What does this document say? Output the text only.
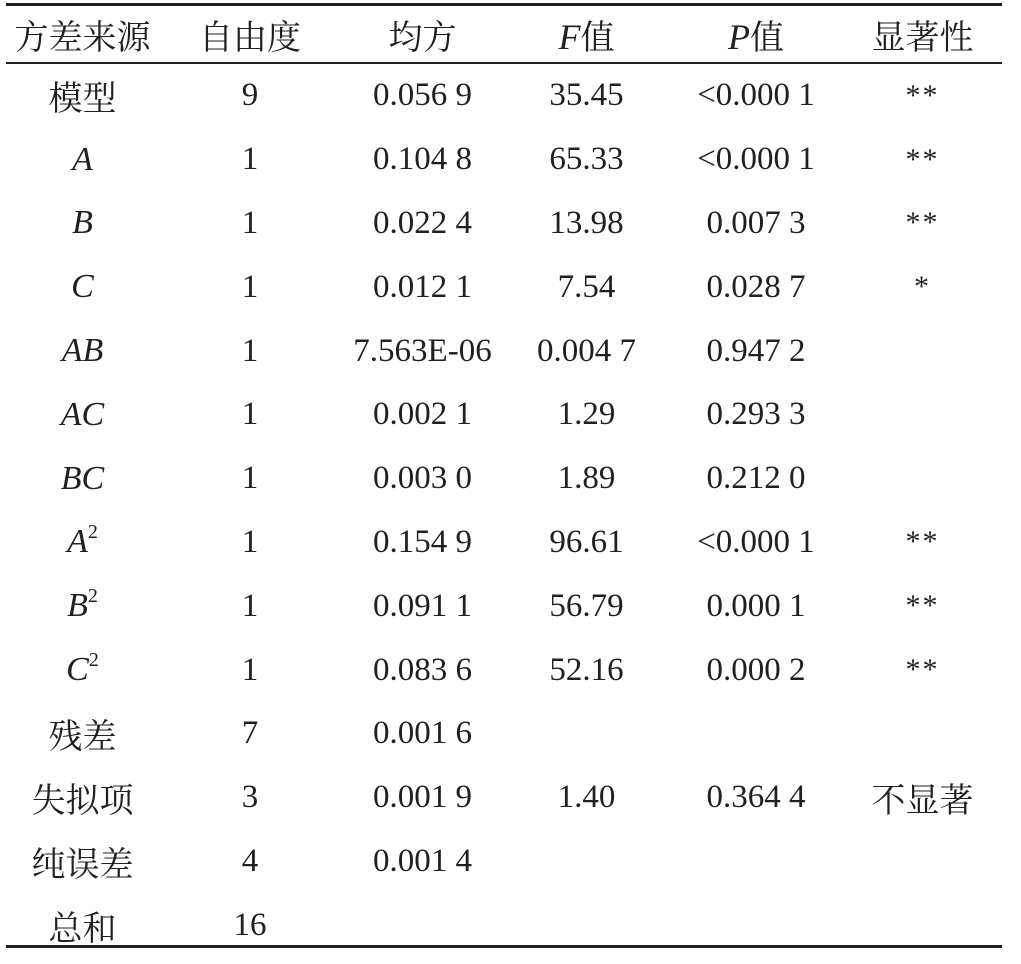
方差来源	自由度	均方	F值	P值	显著性
模型	9	0.056 9	35.45	<0.000 1	**
A	1	0.104 8	65.33	<0.000 1	**
B	1	0.022 4	13.98	0.007 3	**
C	1	0.012 1	7.54	0.028 7	*
AB	1	7.563E-06	0.004 7	0.947 2	
AC	1	0.002 1	1.29	0.293 3	
BC	1	0.003 0	1.89	0.212 0	
$A^2$	1	0.154 9	96.61	<0.000 1	**
$B^2$	1	0.091 1	56.79	0.000 1	**
$C^2$	1	0.083 6	52.16	0.000 2	**
残差	7	0.001 6			
失拟项	3	0.001 9	1.40	0.364 4	不显著
纯误差	4	0.001 4			
总和	16				
